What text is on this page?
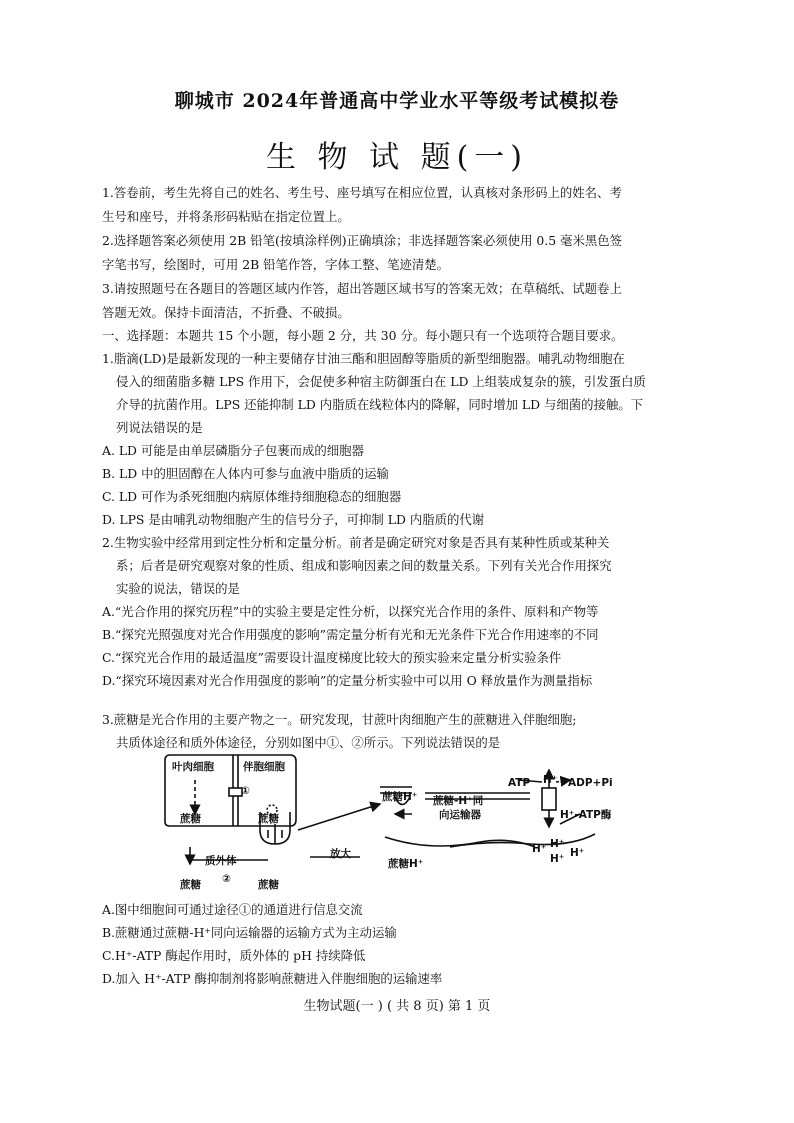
聊城市 2024年普通高中学业水平等级考试模拟卷
生 物 试 题(一)
1.答卷前，考生先将自己的姓名、考生号、座号填写在相应位置，认真核对条形码上的姓名、考
生号和座号，并将条形码粘贴在指定位置上。
2.选择题答案必须使用 2B 铅笔(按填涂样例)正确填涂；非选择题答案必须使用 0.5 毫米黑色签
字笔书写，绘图时，可用 2B 铅笔作答，字体工整、笔迹清楚。
3.请按照题号在各题目的答题区域内作答，超出答题区域书写的答案无效；在草稿纸、试题卷上
答题无效。保持卡面清洁，不折叠、不破损。
一、选择题：本题共 15 个小题，每小题 2 分，共 30 分。每小题只有一个选项符合题目要求。
1.脂滴(LD)是最新发现的一种主要储存甘油三酯和胆固醇等脂质的新型细胞器。哺乳动物细胞在
侵入的细菌脂多糖 LPS 作用下，会促使多种宿主防御蛋白在 LD 上组装成复杂的簇，引发蛋白质
介导的抗菌作用。LPS 还能抑制 LD 内脂质在线粒体内的降解，同时增加 LD 与细菌的接触。下
列说法错误的是
A. LD 可能是由单层磷脂分子包裹而成的细胞器
B. LD 中的胆固醇在人体内可参与血液中脂质的运输
C. LD 可作为杀死细胞内病原体维持细胞稳态的细胞器
D. LPS 是由哺乳动物细胞产生的信号分子，可抑制 LD 内脂质的代谢
2.生物实验中经常用到定性分析和定量分析。前者是确定研究对象是否具有某种性质或某种关
系；后者是研究观察对象的性质、组成和影响因素之间的数量关系。下列有关光合作用探究
实验的说法，错误的是
A.“光合作用的探究历程”中的实验主要是定性分析，以探究光合作用的条件、原料和产物等
B.“探究光照强度对光合作用强度的影响”需定量分析有光和无光条件下光合作用速率的不同
C.“探究光合作用的最适温度”需要设计温度梯度比较大的预实验来定量分析实验条件
D.“探究环境因素对光合作用强度的影响”的定量分析实验中可以用 O 释放量作为测量指标
3.蔗糖是光合作用的主要产物之一。研究发现，甘蔗叶肉细胞产生的蔗糖进入伴胞细胞;
共质体途径和质外体途径，分别如图中①、②所示。下列说法错误的是
叶肉细胞	伴胞细胞
①
蔗糖	蔗糖
质外体
②
蔗糖	蔗糖
放大
蔗糖H⁺
蔗糖H⁺
蔗糖-H⁺同
向运输器
ATP H⁺ ADP+Pi
H⁺-ATP酶
H⁺ H⁺
H⁺
H⁺
A.图中细胞间可通过途径①的通道进行信息交流
B.蔗糖通过蔗糖-H⁺同向运输器的运输方式为主动运输
C.H⁺-ATP 酶起作用时，质外体的 pH 持续降低
D.加入 H⁺-ATP 酶抑制剂将影响蔗糖进入伴胞细胞的运输速率
生物试题(一 ) ( 共 8 页) 第 1 页
